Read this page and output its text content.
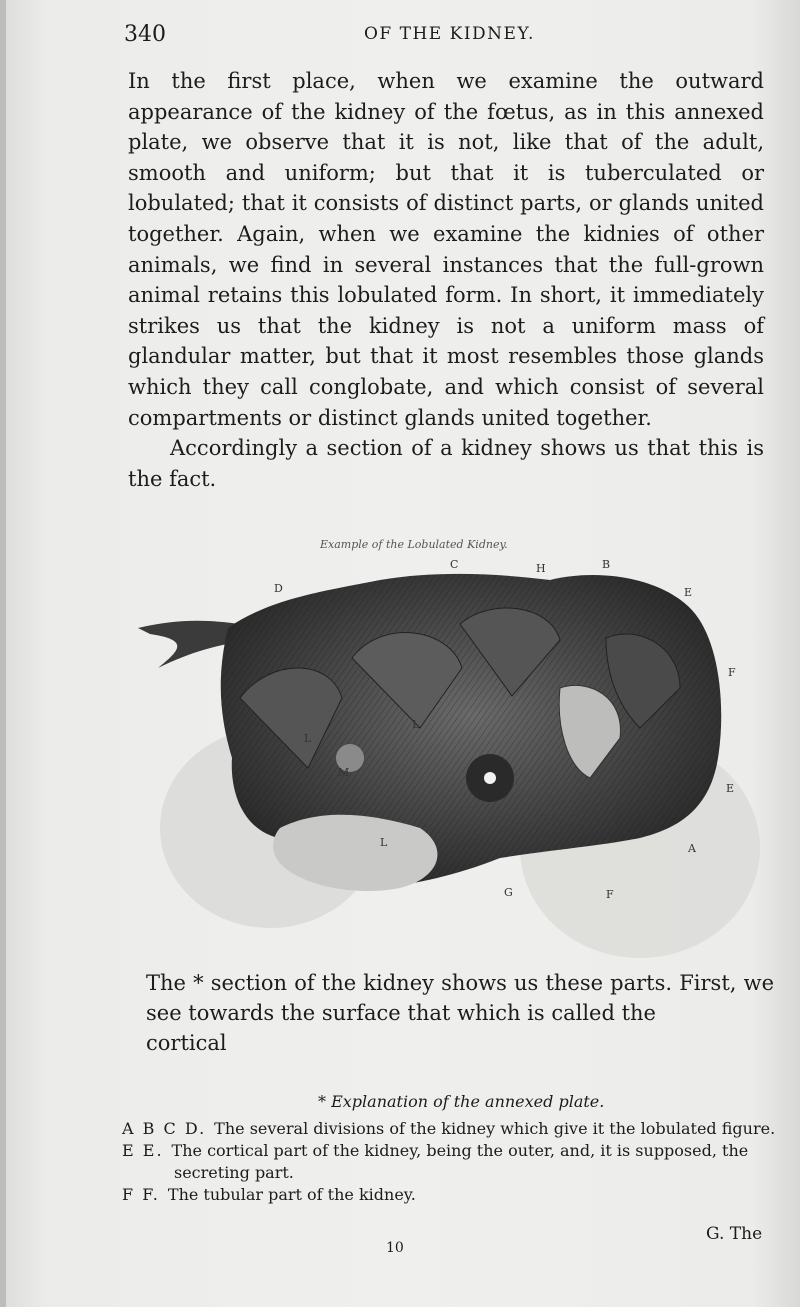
340	OF THE KIDNEY.

In the first place, when we examine the outward appearance of the kidney of the fœtus, as in this annexed plate, we observe that it is not, like that of the adult, smooth and uniform; but that it is tuberculated or lobulated; that it consists of distinct parts, or glands united together. Again, when we examine the kidnies of other animals, we find in several instances that the full-grown animal retains this lobulated form. In short, it immediately strikes us that the kidney is not a uniform mass of glandular matter, but that it most resembles those glands which they call conglobate, and which consist of several compartments or distinct glands united together.

Accordingly a section of a kidney shows us that this is the fact.

Example of the Lobulated Kidney.
D
C	H	B
E
F
L
L
L
M
E
A
G	F

The * section of the kidney shows us these parts. First, we see towards the surface that which is called the

cortical

* Explanation of the annexed plate.

A B C D. The several divisions of the kidney which give it the lobulated figure.

E E. The cortical part of the kidney, being the outer, and, it is supposed, the secreting part.

F F. The tubular part of the kidney.

10
G. The
